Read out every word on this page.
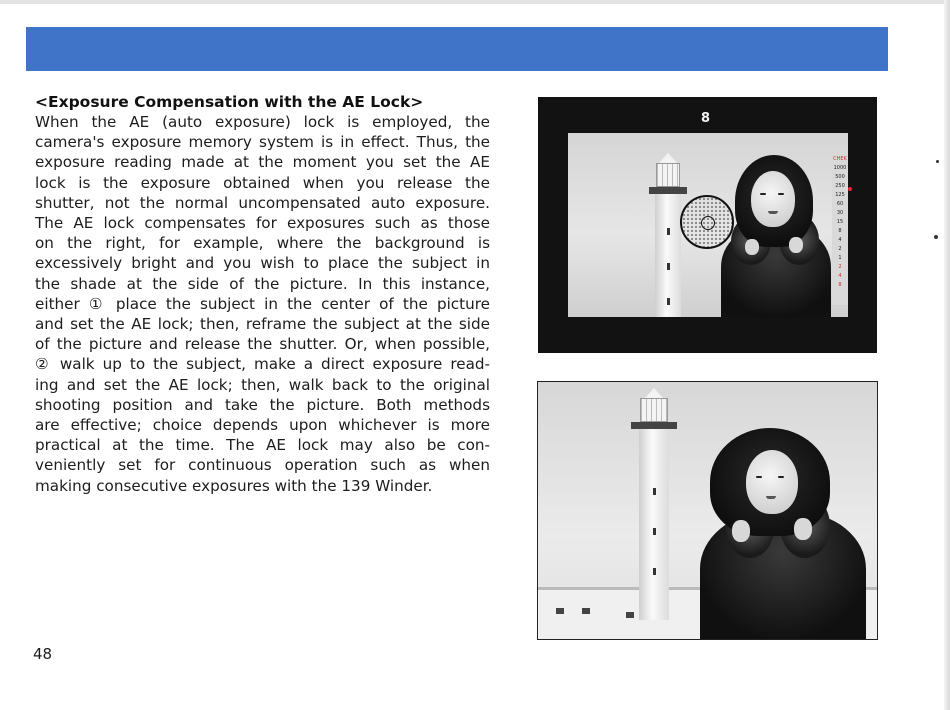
<Exposure Compensation with the AE Lock>

When the AE (auto exposure) lock is employed, the
camera's exposure memory system is in effect. Thus, the
exposure reading made at the moment you set the AE
lock is the exposure obtained when you release the
shutter, not the normal uncompensated auto exposure.
The AE lock compensates for exposures such as those
on the right, for example, where the background is
excessively bright and you wish to place the subject in
the shade at the side of the picture. In this instance,
either ① place the subject in the center of the picture
and set the AE lock; then, reframe the subject at the side
of the picture and release the shutter. Or, when possible,
② walk up to the subject, make a direct exposure read-
ing and set the AE lock; then, walk back to the original
shooting position and take the picture. Both methods
are effective; choice depends upon whichever is more
practical at the time. The AE lock may also be con-
veniently set for continuous operation such as when
making consecutive exposures with the 139 Winder.
48
8
CHEK
1000
500
250
125
60
30
15
8
4
2
1
2
4
8
